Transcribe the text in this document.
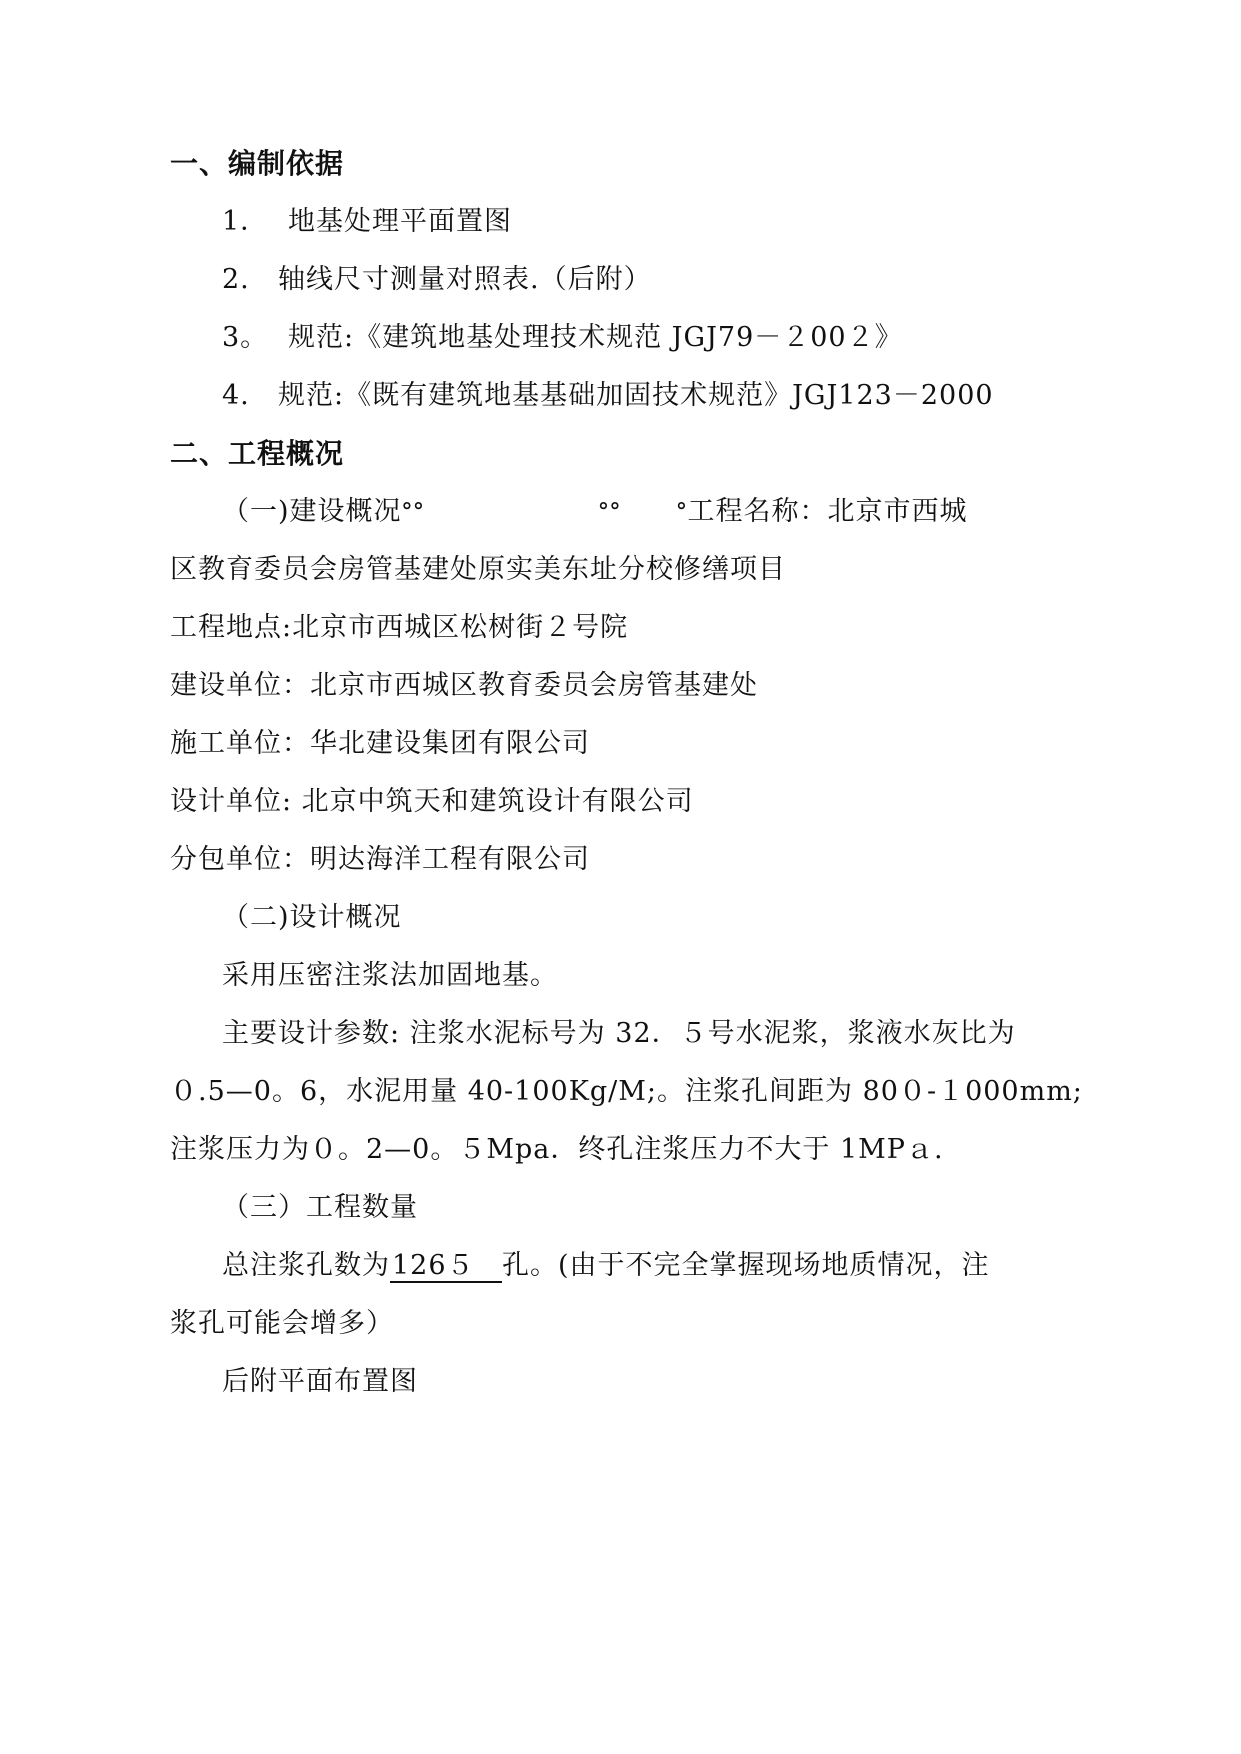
一、编制依据
1． 地基处理平面置图
2. 轴线尺寸测量对照表.（后附）
3。 规范:《建筑地基处理技术规范 JGJ79－２00２》
4. 规范:《既有建筑地基基础加固技术规范》JGJ123－2000
二、工程概况
（一)建设概况ᐤᐤ	ᐤᐤ ᐤ工程名称：北京市西城
区教育委员会房管基建处原实美东址分校修缮项目
工程地点:北京市西城区松树街２号院
建设单位：北京市西城区教育委员会房管基建处
施工单位：华北建设集团有限公司
设计单位: 北京中筑天和建筑设计有限公司
分包单位：明达海洋工程有限公司
（二)设计概况
采用压密注浆法加固地基。
主要设计参数: 注浆水泥标号为 32．５号水泥浆，浆液水灰比为
０.5—0。6，水泥用量 40-100Kg/M;。注浆孔间距为 80０-１000mm;
注浆压力为０。2—0。５Mpa．终孔注浆压力不大于 1MPａ.
（三）工程数量
总注浆孔数为126５ 孔。(由于不完全掌握现场地质情况，注
浆孔可能会增多）
后附平面布置图
